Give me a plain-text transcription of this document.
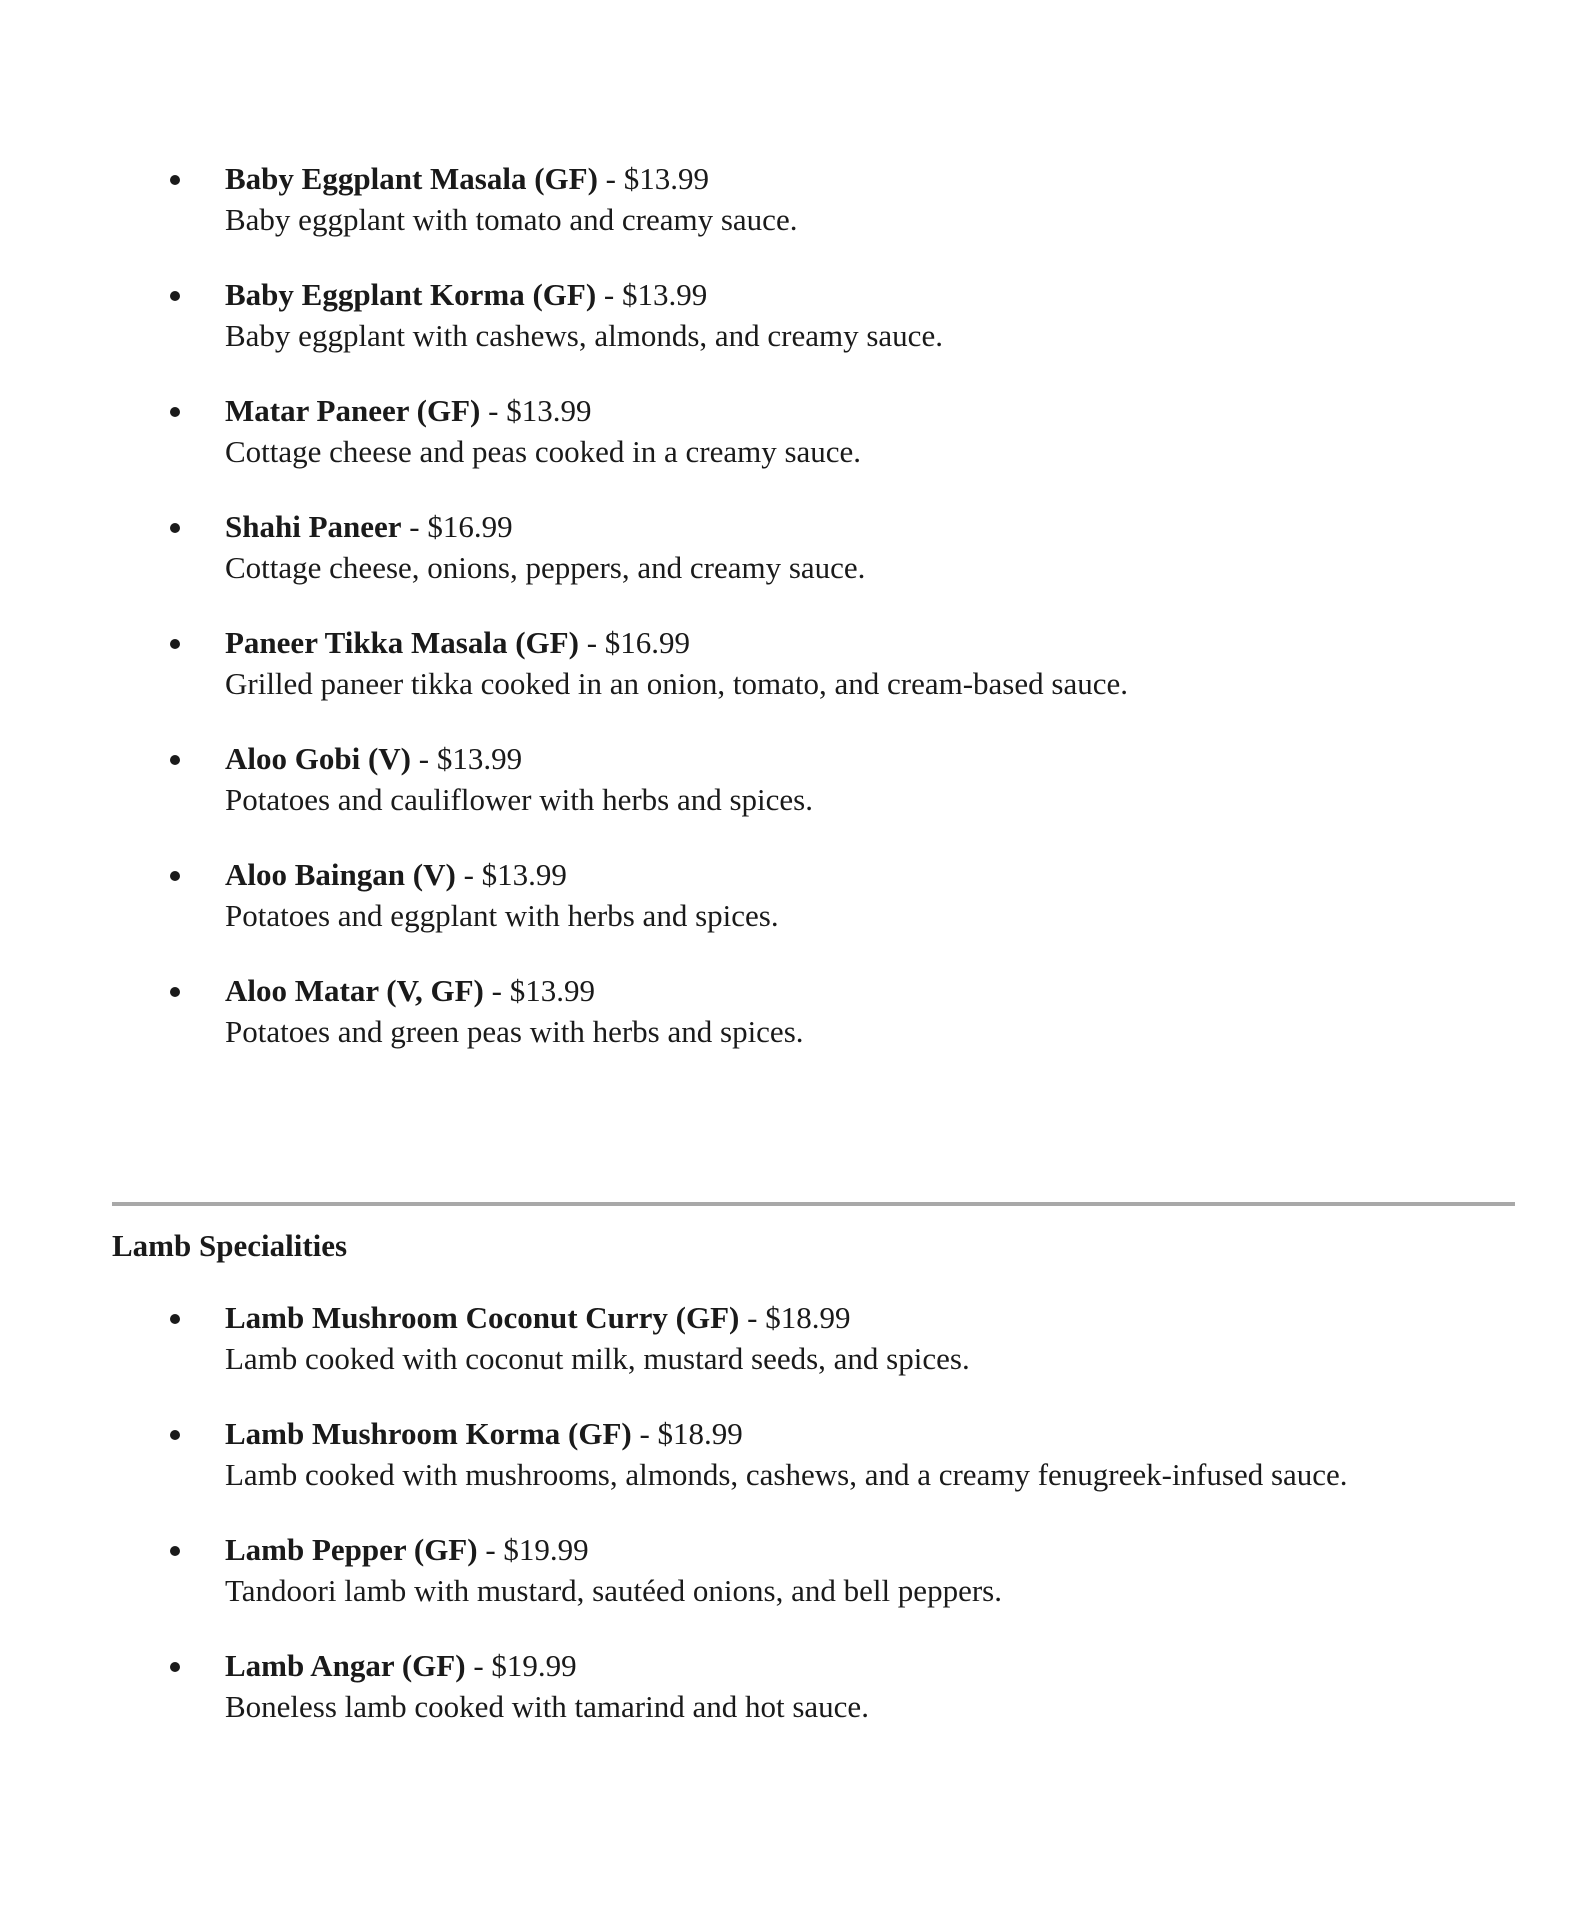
Baby Eggplant Masala (GF) - $13.99
Baby eggplant with tomato and creamy sauce.
Baby Eggplant Korma (GF) - $13.99
Baby eggplant with cashews, almonds, and creamy sauce.
Matar Paneer (GF) - $13.99
Cottage cheese and peas cooked in a creamy sauce.
Shahi Paneer - $16.99
Cottage cheese, onions, peppers, and creamy sauce.
Paneer Tikka Masala (GF) - $16.99
Grilled paneer tikka cooked in an onion, tomato, and cream-based sauce.
Aloo Gobi (V) - $13.99
Potatoes and cauliflower with herbs and spices.
Aloo Baingan (V) - $13.99
Potatoes and eggplant with herbs and spices.
Aloo Matar (V, GF) - $13.99
Potatoes and green peas with herbs and spices.
Lamb Specialities
Lamb Mushroom Coconut Curry (GF) - $18.99
Lamb cooked with coconut milk, mustard seeds, and spices.
Lamb Mushroom Korma (GF) - $18.99
Lamb cooked with mushrooms, almonds, cashews, and a creamy fenugreek-infused sauce.
Lamb Pepper (GF) - $19.99
Tandoori lamb with mustard, sautéed onions, and bell peppers.
Lamb Angar (GF) - $19.99
Boneless lamb cooked with tamarind and hot sauce.
